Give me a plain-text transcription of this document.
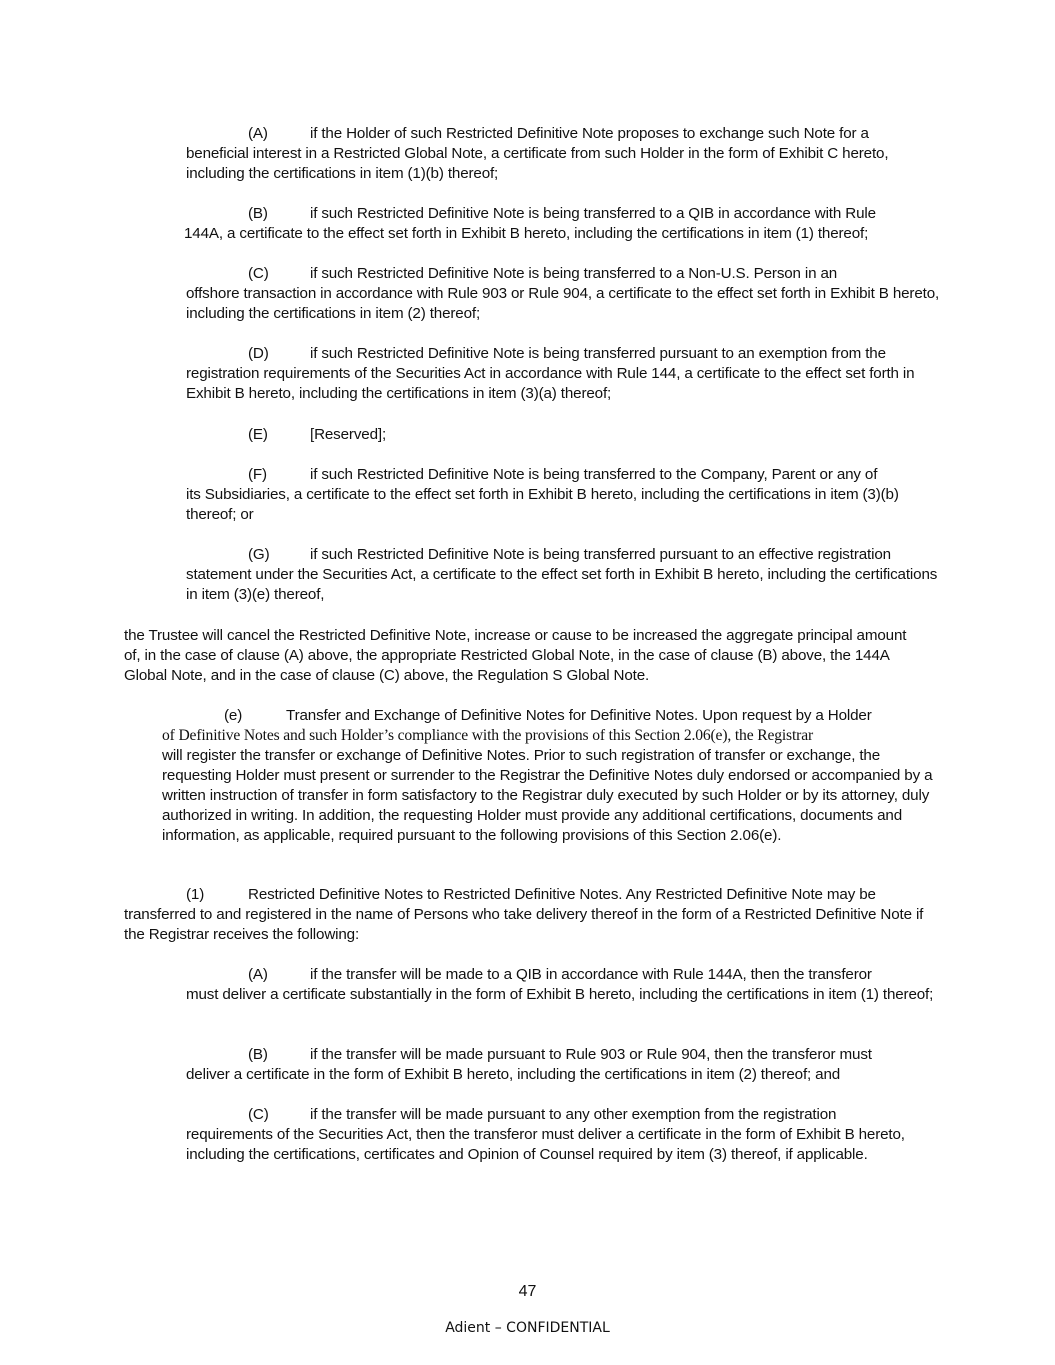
(A)	if the Holder of such Restricted Definitive Note proposes to exchange such Note for a
beneficial interest in a Restricted Global Note, a certificate from such Holder in the form of Exhibit C hereto, including the certifications in item (1)(b) thereof;
(B)	if such Restricted Definitive Note is being transferred to a QIB in accordance with Rule
144A, a certificate to the effect set forth in Exhibit B hereto, including the certifications in item (1) thereof;
(C)	if such Restricted Definitive Note is being transferred to a Non-U.S. Person in an
offshore transaction in accordance with Rule 903 or Rule 904, a certificate to the effect set forth in Exhibit B hereto, including the certifications in item (2) thereof;
(D)	if such Restricted Definitive Note is being transferred pursuant to an exemption from the
registration requirements of the Securities Act in accordance with Rule 144, a certificate to the effect set forth in Exhibit B hereto, including the certifications in item (3)(a) thereof;
(E)	[Reserved];
(F)	if such Restricted Definitive Note is being transferred to the Company, Parent or any of
its Subsidiaries, a certificate to the effect set forth in Exhibit B hereto, including the certifications in item (3)(b) thereof; or
(G)	if such Restricted Definitive Note is being transferred pursuant to an effective registration
statement under the Securities Act, a certificate to the effect set forth in Exhibit B hereto, including the certifications in item (3)(e) thereof,
the Trustee will cancel the Restricted Definitive Note, increase or cause to be increased the aggregate principal amount of, in the case of clause (A) above, the appropriate Restricted Global Note, in the case of clause (B) above, the 144A Global Note, and in the case of clause (C) above, the Regulation S Global Note.
(e)	Transfer and Exchange of Definitive Notes for Definitive Notes. Upon request by a Holder
of Definitive Notes and such Holder’s compliance with the provisions of this Section 2.06(e), the Registrar
will register the transfer or exchange of Definitive Notes. Prior to such registration of transfer or exchange, the requesting Holder must present or surrender to the Registrar the Definitive Notes duly endorsed or accompanied by a written instruction of transfer in form satisfactory to the Registrar duly executed by such Holder or by its attorney, duly authorized in writing. In addition, the requesting Holder must provide any additional certifications, documents and information, as applicable, required pursuant to the following provisions of this Section 2.06(e).
(1)	Restricted Definitive Notes to Restricted Definitive Notes. Any Restricted Definitive Note may be
transferred to and registered in the name of Persons who take delivery thereof in the form of a Restricted Definitive Note if the Registrar receives the following:
(A)	if the transfer will be made to a QIB in accordance with Rule 144A, then the transferor
must deliver a certificate substantially in the form of Exhibit B hereto, including the certifications in item (1) thereof;
(B)	if the transfer will be made pursuant to Rule 903 or Rule 904, then the transferor must
deliver a certificate in the form of Exhibit B hereto, including the certifications in item (2) thereof; and
(C)	if the transfer will be made pursuant to any other exemption from the registration
requirements of the Securities Act, then the transferor must deliver a certificate in the form of Exhibit B hereto, including the certifications, certificates and Opinion of Counsel required by item (3) thereof, if applicable.
47
Adient – CONFIDENTIAL
